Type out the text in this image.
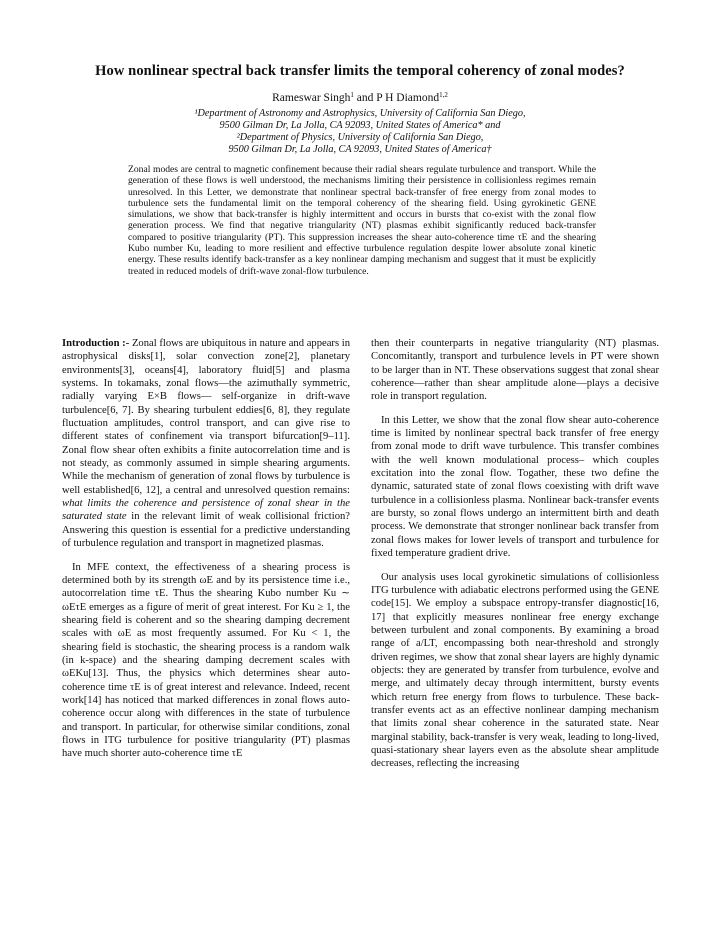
How nonlinear spectral back transfer limits the temporal coherency of zonal modes?
Rameswar Singh$^1$ and P H Diamond$^{1,2}$
¹Department of Astronomy and Astrophysics, University of California San Diego,
9500 Gilman Dr, La Jolla, CA 92093, United States of America* and
²Department of Physics, University of California San Diego,
9500 Gilman Dr, La Jolla, CA 92093, United States of America†
Zonal modes are central to magnetic confinement because their radial shears regulate turbulence and transport. While the generation of these flows is well understood, the mechanisms limiting their persistence in collisionless regimes remain unresolved. In this Letter, we demonstrate that nonlinear spectral back-transfer of free energy from zonal modes to turbulence sets the fundamental limit on the temporal coherency of the shearing field. Using gyrokinetic GENE simulations, we show that back-transfer is highly intermittent and occurs in bursts that co-exist with the zonal flow generation process. We find that negative triangularity (NT) plasmas exhibit significantly reduced back-transfer compared to positive triangularity (PT). This suppression increases the shear auto-coherence time τE and the shearing Kubo number Ku, leading to more resilient and effective turbulence regulation despite lower absolute zonal kinetic energy. These results identify back-transfer as a key nonlinear damping mechanism and suggest that it must be explicitly treated in reduced models of drift-wave zonal-flow turbulence.

Introduction :- Zonal flows are ubiquitous in nature and appears in astrophysical disks[1], solar convection zone[2], planetary environments[3], oceans[4], laboratory fluid[5] and plasma systems. In tokamaks, zonal flows—the azimuthally symmetric, radially varying E×B flows— self-organize in drift-wave turbulence[6, 7]. By shearing turbulent eddies[6, 8], they regulate fluctuation amplitudes, control transport, and can give rise to different states of confinement via transport bifurcation[9–11]. Zonal flow shear often exhibits a finite autocorrelation time and is not steady, as commonly assumed in simple shearing arguments. While the mechanism of generation of zonal flows by turbulence is well established[6, 12], a central and unresolved question remains: what limits the coherence and persistence of zonal shear in the saturated state in the relevant limit of weak collisional friction? Answering this question is essential for a predictive understanding of turbulence regulation and transport in magnetized plasmas.

In MFE context, the effectiveness of a shearing process is determined both by its strength ωE and by its persistence time i.e., autocorrelation time τE. Thus the shearing Kubo number Ku ∼ ωEτE emerges as a figure of merit of great interest. For Ku ≥ 1, the shearing field is coherent and so the shearing damping decrement scales with ωE as most frequently assumed. For Ku < 1, the shearing field is stochastic, the shearing process is a random walk (in k-space) and the shearing damping decrement scales with ωEKu[13]. Thus, the physics which determines shear auto-coherence time τE is of great interest and relevance. Indeed, recent work[14] has noticed that marked differences in zonal flows auto-coherence occur along with differences in the state of turbulence and transport. In particular, for otherwise similar conditions, zonal flows in ITG turbulence for positive triangularity (PT) plasmas have much shorter auto-coherence time τE

then their counterparts in negative triangularity (NT) plasmas. Concomitantly, transport and turbulence levels in PT were shown to be larger than in NT. These observations suggest that zonal shear coherence—rather than shear amplitude alone—plays a decisive role in transport regulation.

In this Letter, we show that the zonal flow shear auto-coherence time is limited by nonlinear spectral back transfer of free energy from zonal mode to drift wave turbulence. This transfer combines with the well known modulational process– which couples excitation into the zonal flow. Togather, these two define the dynamic, saturated state of zonal flows coexisting with drift wave turbulence in a collisionless plasma. Nonlinear back-transfer events are bursty, so zonal flows undergo an intermittent birth and death process. We demonstrate that stronger nonlinear back transfer from zonal flows makes for lower levels of transport and turbulence for fixed temperature gradient drive.

Our analysis uses local gyrokinetic simulations of collisionless ITG turbulence with adiabatic electrons performed using the GENE code[15]. We employ a subspace entropy-transfer diagnostic[16, 17] that explicitly measures nonlinear free energy exchange between turbulent and zonal components. By examining a broad range of a/LT, encompassing both near-threshold and strongly driven regimes, we show that zonal shear layers are highly dynamic objects: they are generated by transfer from turbulence, evolve and merge, and ultimately decay through intermittent, bursty events which return free energy from flows to turbulence. These back-transfer events act as an effective nonlinear damping mechanism that limits zonal shear coherence in the saturated state. Near marginal stability, back-transfer is very weak, leading to long-lived, quasi-stationary shear layers even as the absolute shear amplitude decreases, reflecting the increasing
